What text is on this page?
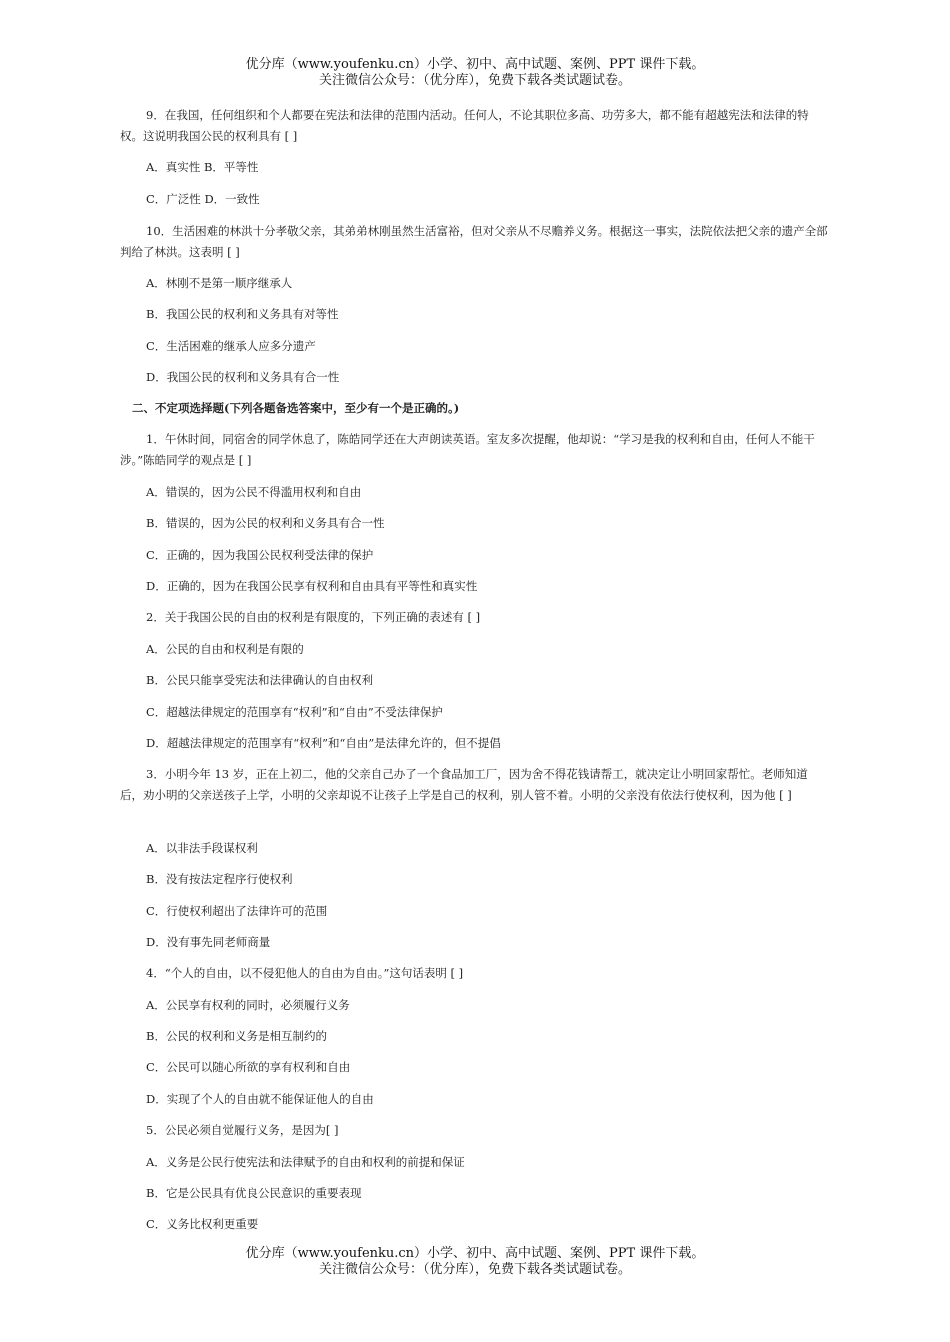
优分库（www.youfenku.cn）小学、初中、高中试题、案例、PPT 课件下载。
关注微信公众号：（优分库），免费下载各类试题试卷。
9．在我国，任何组织和个人都要在宪法和法律的范围内活动。任何人，不论其职位多高、功劳多大，都不能有超越宪法和法律的特权。这说明我国公民的权利具有 [ ]
A．真实性 B．平等性
C．广泛性 D．一致性
10．生活困难的林洪十分孝敬父亲，其弟弟林刚虽然生活富裕，但对父亲从不尽赡养义务。根据这一事实，法院依法把父亲的遗产全部判给了林洪。这表明 [ ]
A．林刚不是第一顺序继承人
B．我国公民的权利和义务具有对等性
C．生活困难的继承人应多分遗产
D．我国公民的权利和义务具有合一性
二、不定项选择题(下列各题备选答案中，至少有一个是正确的。)
1．午休时间，同宿舍的同学休息了，陈皓同学还在大声朗读英语。室友多次提醒，他却说：“学习是我的权利和自由，任何人不能干涉。”陈皓同学的观点是 [ ]
A．错误的，因为公民不得滥用权利和自由
B．错误的，因为公民的权利和义务具有合一性
C．正确的，因为我国公民权利受法律的保护
D．正确的，因为在我国公民享有权利和自由具有平等性和真实性
2．关于我国公民的自由的权利是有限度的，下列正确的表述有 [ ]
A．公民的自由和权利是有限的
B．公民只能享受宪法和法律确认的自由权利
C．超越法律规定的范围享有“权利”和“自由”不受法律保护
D．超越法律规定的范围享有“权利”和“自由”是法律允许的，但不提倡
3．小明今年 13 岁，正在上初二，他的父亲自己办了一个食品加工厂，因为舍不得花钱请帮工，就决定让小明回家帮忙。老师知道后，劝小明的父亲送孩子上学，小明的父亲却说不让孩子上学是自己的权利，别人管不着。小明的父亲没有依法行使权利，因为他 [ ]
A．以非法手段谋权利
B．没有按法定程序行使权利
C．行使权利超出了法律许可的范围
D．没有事先同老师商量
4．“个人的自由，以不侵犯他人的自由为自由。”这句话表明 [ ]
A．公民享有权利的同时，必须履行义务
B．公民的权利和义务是相互制约的
C．公民可以随心所欲的享有权利和自由
D．实现了个人的自由就不能保证他人的自由
5．公民必须自觉履行义务，是因为[ ]
A．义务是公民行使宪法和法律赋予的自由和权利的前提和保证
B．它是公民具有优良公民意识的重要表现
C．义务比权利更重要
优分库（www.youfenku.cn）小学、初中、高中试题、案例、PPT 课件下载。
关注微信公众号：（优分库），免费下载各类试题试卷。
